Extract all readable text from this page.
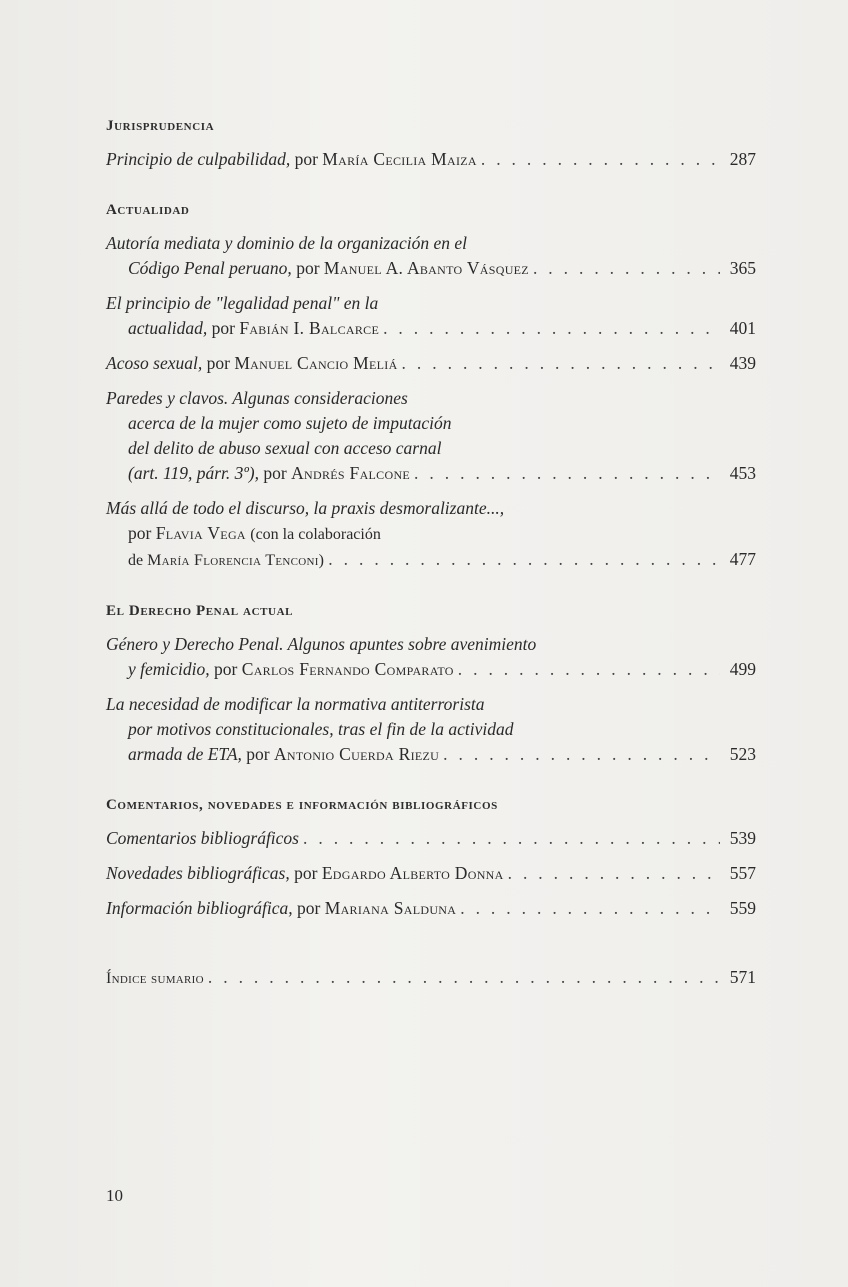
Jurisprudencia
Principio de culpabilidad, por María Cecilia Maiza . . .	287
Actualidad
Autoría mediata y dominio de la organización en el
Código Penal peruano, por Manuel A. Abanto Vásquez . . .	365
El principio de "legalidad penal" en la
actualidad, por Fabián I. Balcarce . . .	401
Acoso sexual, por Manuel Cancio Meliá . . .	439
Paredes y clavos. Algunas consideraciones
acerca de la mujer como sujeto de imputación
del delito de abuso sexual con acceso carnal
(art. 119, párr. 3º), por Andrés Falcone . . .	453
Más allá de todo el discurso, la praxis desmoralizante...,
por Flavia Vega (con la colaboración
de María Florencia Tenconi) . . .	477
El Derecho Penal actual
Género y Derecho Penal. Algunos apuntes sobre avenimiento
y femicidio, por Carlos Fernando Comparato . . .	499
La necesidad de modificar la normativa antiterrorista
por motivos constitucionales, tras el fin de la actividad
armada de ETA, por Antonio Cuerda Riezu . . .	523
Comentarios, novedades e información bibliográficos
Comentarios bibliográficos . . .	539
Novedades bibliográficas, por Edgardo Alberto Donna . . .	557
Información bibliográfica, por Mariana Salduna . . .	559
Índice sumario . . .	571
10
